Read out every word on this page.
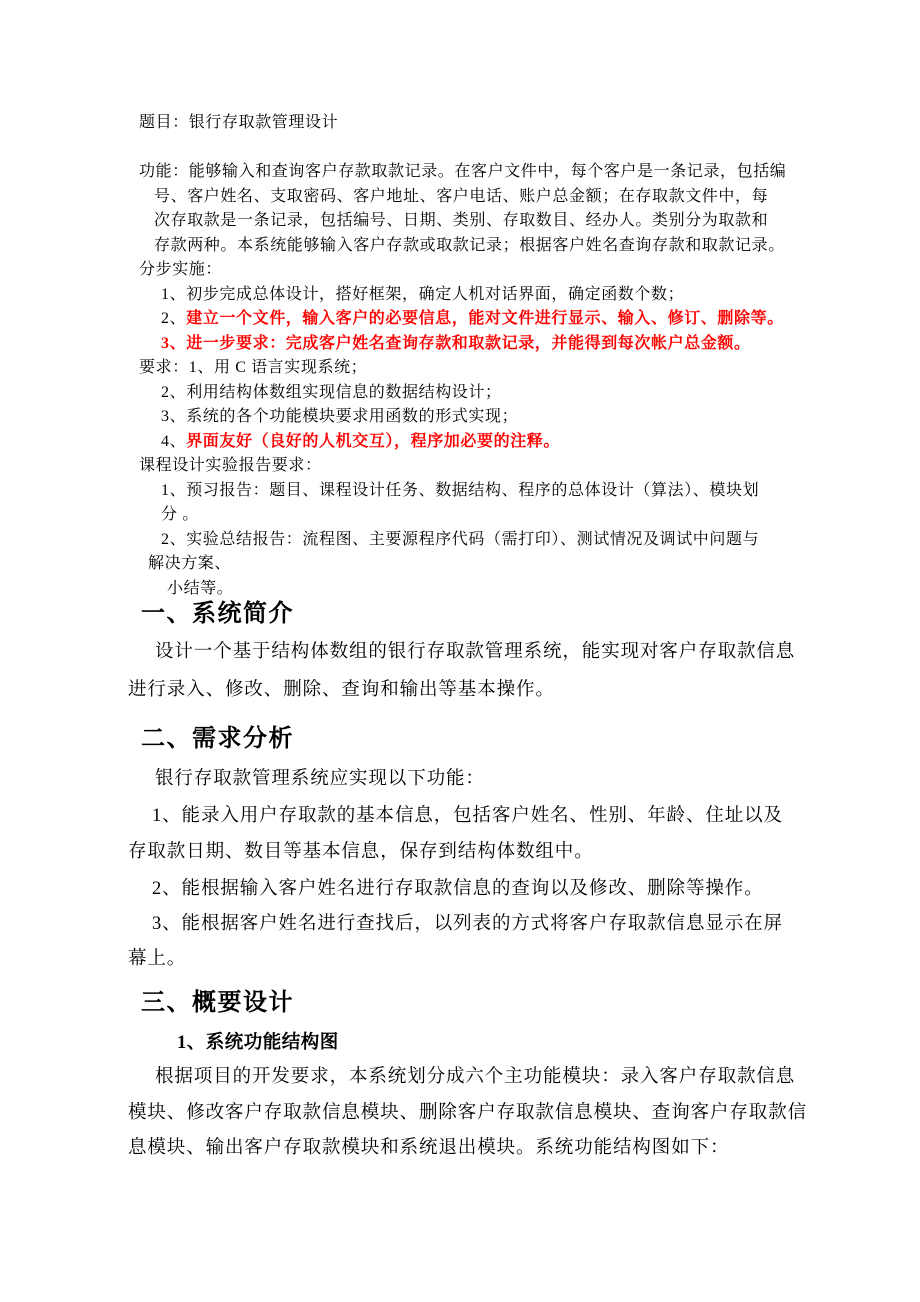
题目：银行存取款管理设计
功能：能够输入和查询客户存款取款记录。在客户文件中，每个客户是一条记录，包括编
号、客户姓名、支取密码、客户地址、客户电话、账户总金额；在存取款文件中，每
次存取款是一条记录，包括编号、日期、类别、存取数目、经办人。类别分为取款和
存款两种。本系统能够输入客户存款或取款记录；根据客户姓名查询存款和取款记录。
分步实施：
1、初步完成总体设计，搭好框架，确定人机对话界面，确定函数个数；
2、建立一个文件，输入客户的必要信息，能对文件进行显示、输入、修订、删除等。
3、进一步要求：完成客户姓名查询存款和取款记录，并能得到每次帐户总金额。
要求：1、用 C 语言实现系统；
2、利用结构体数组实现信息的数据结构设计；
3、系统的各个功能模块要求用函数的形式实现；
4、界面友好（良好的人机交互），程序加必要的注释。
课程设计实验报告要求：
1、预习报告：题目、课程设计任务、数据结构、程序的总体设计（算法）、模块划
分 。
2、实验总结报告：流程图、主要源程序代码（需打印）、测试情况及调试中问题与
解决方案、
小结等。
一、系统简介
设计一个基于结构体数组的银行存取款管理系统，能实现对客户存取款信息
进行录入、修改、删除、查询和输出等基本操作。
二、需求分析
银行存取款管理系统应实现以下功能：
1、能录入用户存取款的基本信息，包括客户姓名、性别、年龄、住址以及
存取款日期、数目等基本信息，保存到结构体数组中。
2、能根据输入客户姓名进行存取款信息的查询以及修改、删除等操作。
3、能根据客户姓名进行查找后，以列表的方式将客户存取款信息显示在屏
幕上。
三、概要设计
1、系统功能结构图
根据项目的开发要求，本系统划分成六个主功能模块：录入客户存取款信息
模块、修改客户存取款信息模块、删除客户存取款信息模块、查询客户存取款信
息模块、输出客户存取款模块和系统退出模块。系统功能结构图如下：
